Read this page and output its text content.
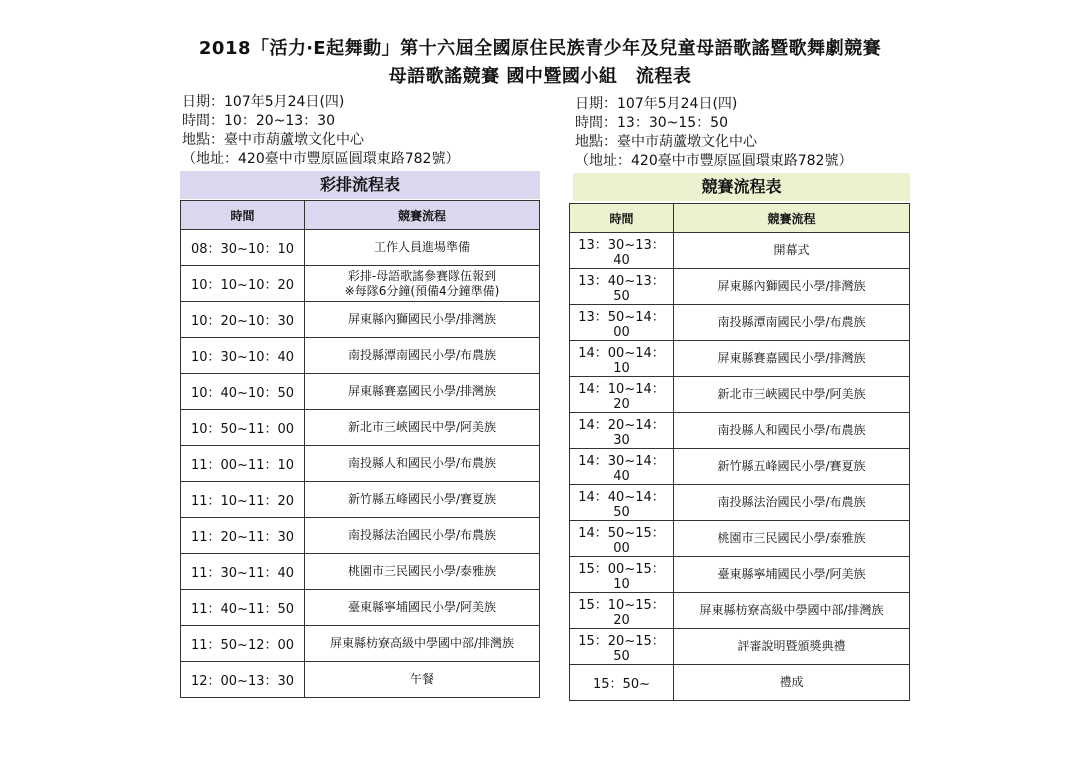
2018「活力‧E起舞動」第十六屆全國原住民族青少年及兒童母語歌謠暨歌舞劇競賽
母語歌謠競賽 國中暨國小組　流程表
日期：107年5月24日(四)
時間：10：20~13：30
地點：臺中市葫蘆墩文化中心
（地址：420臺中市豐原區圓環東路782號）
日期：107年5月24日(四)
時間：13：30~15：50
地點：臺中市葫蘆墩文化中心
（地址：420臺中市豐原區圓環東路782號）
彩排流程表	競賽流程表
時間	競賽流程
08：30~10：10	工作人員進場準備

10：10~10：20	彩排-母語歌謠參賽隊伍報到
※每隊6分鐘(預備4分鐘準備)

10：20~10：30	屏東縣內獅國民小學/排灣族

10：30~10：40	南投縣潭南國民小學/布農族

10：40~10：50	屏東縣賽嘉國民小學/排灣族

10：50~11：00	新北市三峽國民中學/阿美族

11：00~11：10	南投縣人和國民小學/布農族

11：10~11：20	新竹縣五峰國民小學/賽夏族

11：20~11：30	南投縣法治國民小學/布農族

11：30~11：40	桃園市三民國民小學/泰雅族

11：40~11：50	臺東縣寧埔國民小學/阿美族

11：50~12：00	屏東縣枋寮高級中學國中部/排灣族

12：00~13：30	午餐
時間	競賽流程
13：30~13：40	開幕式

13：40~13：50	屏東縣內獅國民小學/排灣族

13：50~14：00	南投縣潭南國民小學/布農族

14：00~14：10	屏東縣賽嘉國民小學/排灣族

14：10~14：20	新北市三峽國民中學/阿美族

14：20~14：30	南投縣人和國民小學/布農族

14：30~14：40	新竹縣五峰國民小學/賽夏族

14：40~14：50	南投縣法治國民小學/布農族

14：50~15：00	桃園市三民國民小學/泰雅族

15：00~15：10	臺東縣寧埔國民小學/阿美族

15：10~15：20	屏東縣枋寮高級中學國中部/排灣族

15：20~15：50	評審說明暨頒獎典禮

15：50~	禮成
